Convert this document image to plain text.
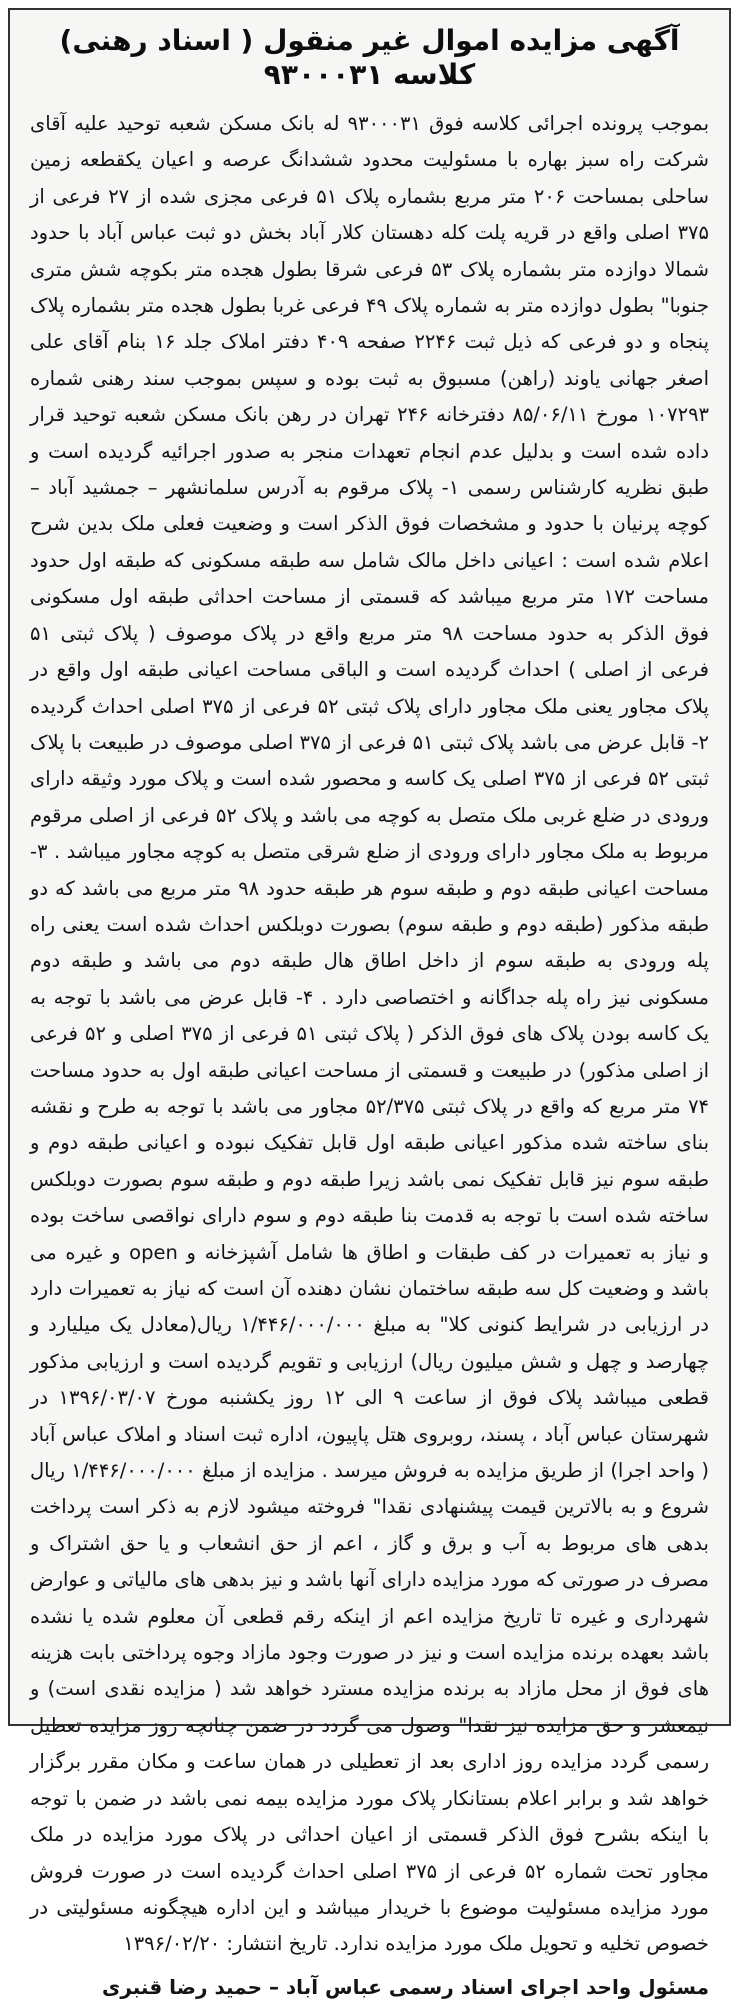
آگهی مزایده اموال غیر منقول ( اسناد رهنی) کلاسه ۹۳۰۰۰۳۱
بموجب پرونده اجرائی کلاسه فوق ۹۳۰۰۰۳۱ له بانک مسکن شعبه توحید علیه آقای شرکت راه سبز بهاره با مسئولیت محدود ششدانگ عرصه و اعیان یکقطعه زمین ساحلی بمساحت ۲۰۶ متر مربع بشماره پلاک ۵۱ فرعی مجزی شده از ۲۷ فرعی از ۳۷۵ اصلی واقع در قریه پلت کله دهستان کلار آباد بخش دو ثبت عباس آباد با حدود شمالا دوازده متر بشماره پلاک ۵۳ فرعی شرقا بطول هجده متر بکوچه شش متری جنوبا" بطول دوازده متر به شماره پلاک ۴۹ فرعی غربا بطول هجده متر بشماره پلاک پنجاه و دو فرعی که ذیل ثبت ۲۲۴۶ صفحه ۴۰۹ دفتر املاک جلد ۱۶ بنام آقای علی اصغر جهانی یاوند (راهن) مسبوق به ثبت بوده و سپس بموجب سند رهنی شماره ۱۰۷۲۹۳ مورخ ۸۵/۰۶/۱۱ دفترخانه ۲۴۶ تهران در رهن بانک مسکن شعبه توحید قرار داده شده است و بدلیل عدم انجام تعهدات منجر به صدور اجرائیه گردیده است و طبق نظریه کارشناس رسمی ۱- پلاک مرقوم به آدرس سلمانشهر – جمشید آباد – کوچه پرنیان با حدود و مشخصات فوق الذکر است و وضعیت فعلی ملک بدین شرح اعلام شده است : اعیانی داخل مالک شامل سه طبقه مسکونی که طبقه اول حدود مساحت ۱۷۲ متر مربع میباشد که قسمتی از مساحت احداثی طبقه اول مسکونی فوق الذکر به حدود مساحت ۹۸ متر مربع واقع در پلاک موصوف ( پلاک ثبتی ۵۱ فرعی از اصلی ) احداث گردیده است و الباقی مساحت اعیانی طبقه اول واقع در پلاک مجاور یعنی ملک مجاور دارای پلاک ثبتی ۵۲ فرعی از ۳۷۵ اصلی احداث گردیده ۲- قابل عرض می باشد پلاک ثبتی ۵۱ فرعی از ۳۷۵ اصلی موصوف در طبیعت با پلاک ثبتی ۵۲ فرعی از ۳۷۵ اصلی یک کاسه و محصور شده است و پلاک مورد وثیقه دارای ورودی در ضلع غربی ملک متصل به کوچه می باشد و پلاک ۵۲ فرعی از اصلی مرقوم مربوط به ملک مجاور دارای ورودی از ضلع شرقی متصل به کوچه مجاور میباشد . ۳- مساحت اعیانی طبقه دوم و طبقه سوم هر طبقه حدود ۹۸ متر مربع می باشد که دو طبقه مذکور (طبقه دوم و طبقه سوم) بصورت دوبلکس احداث شده است یعنی راه پله ورودی به طبقه سوم از داخل اطاق هال طبقه دوم می باشد و طبقه دوم مسکونی نیز راه پله جداگانه و اختصاصی دارد . ۴- قابل عرض می باشد با توجه به یک کاسه بودن پلاک های فوق الذکر ( پلاک ثبتی ۵۱ فرعی از ۳۷۵ اصلی و ۵۲ فرعی از اصلی مذکور) در طبیعت و قسمتی از مساحت اعیانی طبقه اول به حدود مساحت ۷۴ متر مربع که واقع در پلاک ثبتی ۵۲/۳۷۵ مجاور می باشد با توجه به طرح و نقشه بنای ساخته شده مذکور اعیانی طبقه اول قابل تفکیک نبوده و اعیانی طبقه دوم و طبقه سوم نیز قابل تفکیک نمی باشد زیرا طبقه دوم و طبقه سوم بصورت دوبلکس ساخته شده است با توجه به قدمت بنا طبقه دوم و سوم دارای نواقصی ساخت بوده و نیاز به تعمیرات در کف طبقات و اطاق ها شامل آشپزخانه و open و غیره می باشد و وضعیت کل سه طبقه ساختمان نشان دهنده آن است که نیاز به تعمیرات دارد در ارزیابی در شرایط کنونی کلا" به مبلغ ۱/۴۴۶/۰۰۰/۰۰۰ ریال(معادل یک میلیارد و چهارصد و چهل و شش میلیون ریال) ارزیابی و تقویم گردیده است و ارزیابی مذکور قطعی میباشد پلاک فوق از ساعت ۹ الی ۱۲ روز یکشنبه مورخ ۱۳۹۶/۰۳/۰۷ در شهرستان عباس آباد ، پسند، روبروی هتل پاپیون، اداره ثبت اسناد و املاک عباس آباد ( واحد اجرا) از طریق مزایده به فروش میرسد . مزایده از مبلغ ۱/۴۴۶/۰۰۰/۰۰۰ ریال شروع و به بالاترین قیمت پیشنهادی نقدا" فروخته میشود لازم به ذکر است پرداخت بدهی های مربوط به آب و برق و گاز ، اعم از حق انشعاب و یا حق اشتراک و مصرف در صورتی که مورد مزایده دارای آنها باشد و نیز بدهی های مالیاتی و عوارض شهرداری و غیره تا تاریخ مزایده اعم از اینکه رقم قطعی آن معلوم شده یا نشده باشد بعهده برنده مزایده است و نیز در صورت وجود مازاد وجوه پرداختی بابت هزینه های فوق از محل مازاد به برنده مزایده مسترد خواهد شد ( مزایده نقدی است) و نیمعشر و حق مزایده نیز نقدا" وصول می گردد در ضمن چنانچه روز مزایده تعطیل رسمی گردد مزایده روز اداری بعد از تعطیلی در همان ساعت و مکان مقرر برگزار خواهد شد و برابر اعلام بستانکار پلاک مورد مزایده بیمه نمی باشد در ضمن با توجه با اینکه بشرح فوق الذکر قسمتی از اعیان احداثی در پلاک مورد مزایده در ملک مجاور تحت شماره ۵۲ فرعی از ۳۷۵ اصلی احداث گردیده است در صورت فروش مورد مزایده مسئولیت موضوع با خریدار میباشد و این اداره هیچگونه مسئولیتی در خصوص تخلیه و تحویل ملک مورد مزایده ندارد. تاریخ انتشار: ۱۳۹۶/۰۲/۲۰
مسئول واحد اجرای اسناد رسمی عباس آباد – حمید رضا قنبری
